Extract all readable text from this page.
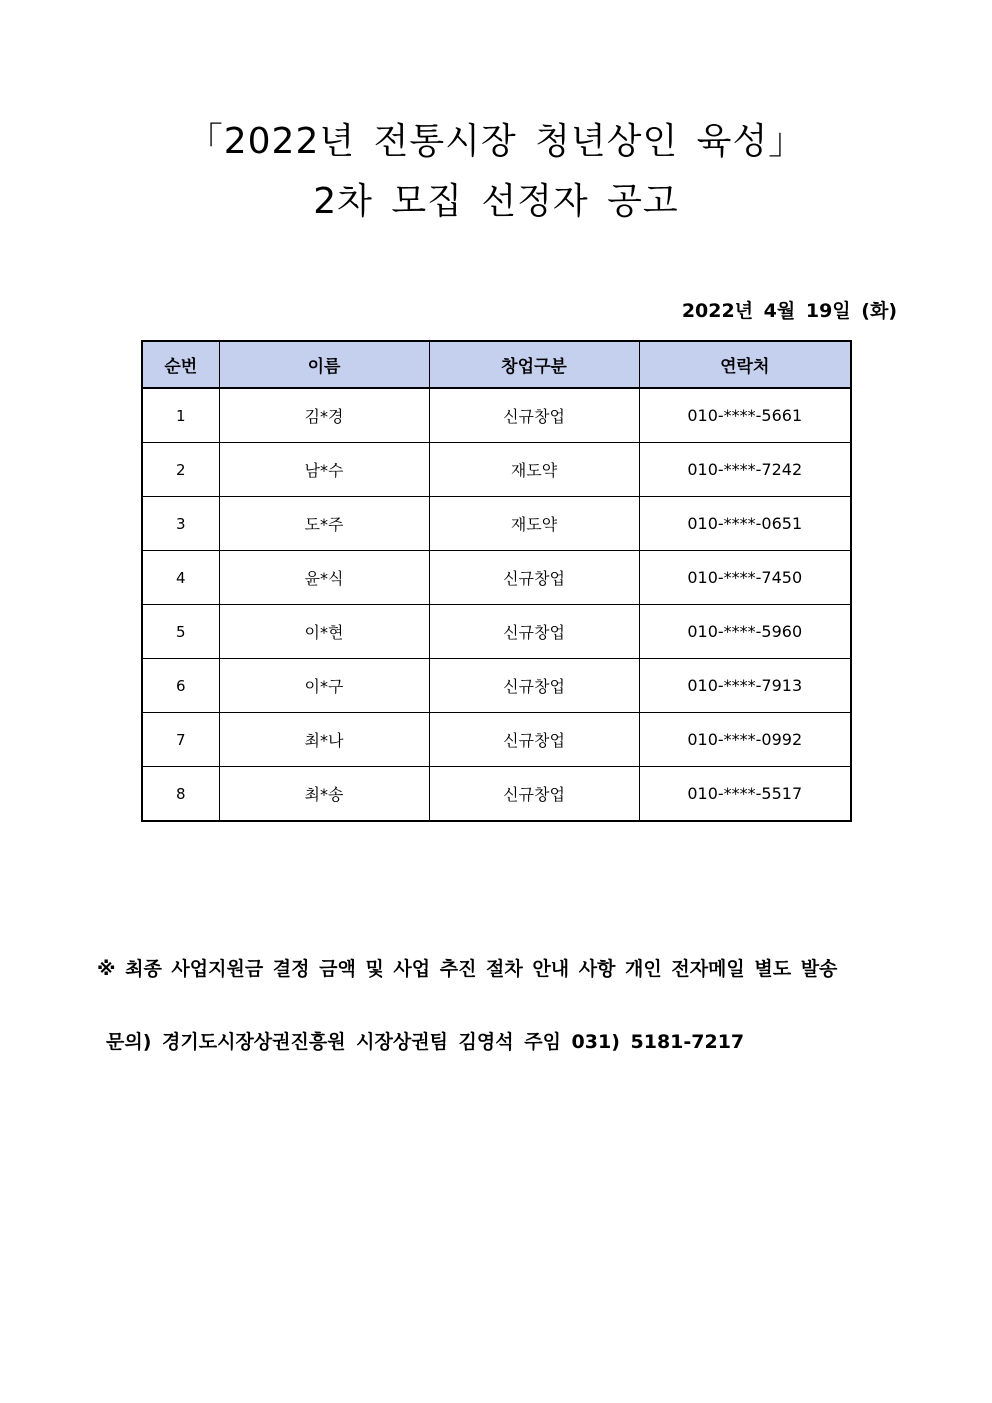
「2022년 전통시장 청년상인 육성」
2차 모집 선정자 공고
2022년 4월 19일 (화)
순번	이름	창업구분	연락처
1	김*경	신규창업	010-****-5661
2	남*수	재도약	010-****-7242
3	도*주	재도약	010-****-0651
4	윤*식	신규창업	010-****-7450
5	이*현	신규창업	010-****-5960
6	이*구	신규창업	010-****-7913
7	최*나	신규창업	010-****-0992
8	최*송	신규창업	010-****-5517
※ 최종 사업지원금 결정 금액 및 사업 추진 절차 안내 사항 개인 전자메일 별도 발송
문의) 경기도시장상권진흥원 시장상권팀 김영석 주임 031) 5181-7217
